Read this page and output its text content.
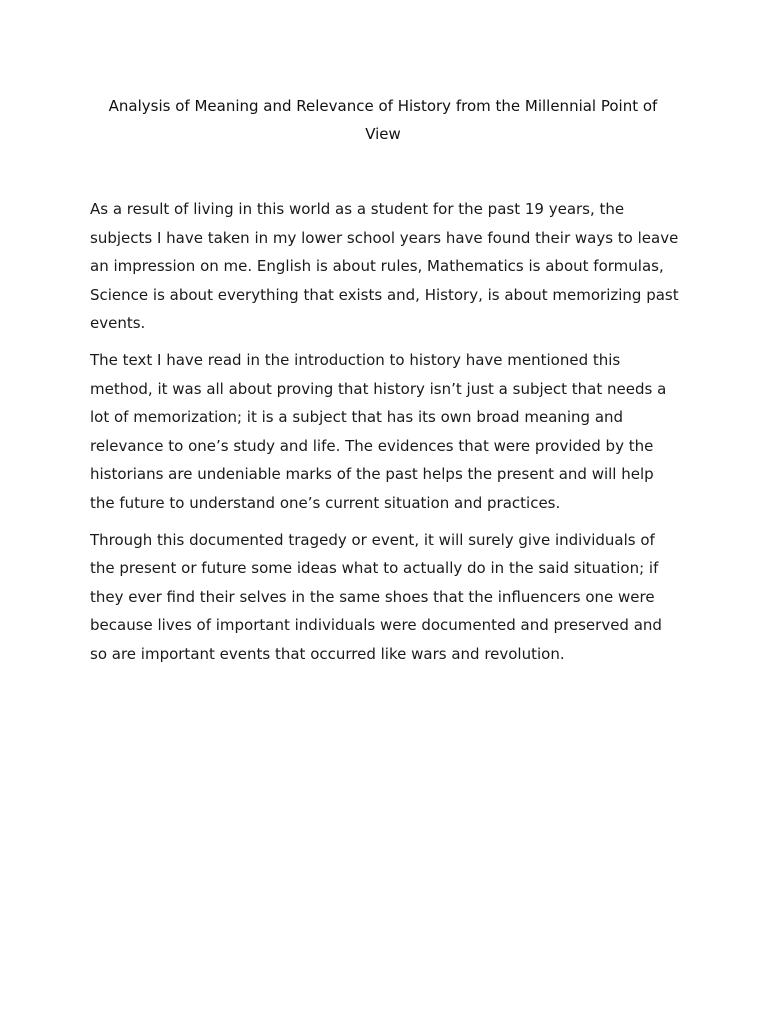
Analysis of Meaning and Relevance of History from the Millennial Point of View

As a result of living in this world as a student for the past 19 years, the subjects I have taken in my lower school years have found their ways to leave an impression on me. English is about rules, Mathematics is about formulas, Science is about everything that exists and, History, is about memorizing past events.

The text I have read in the introduction to history have mentioned this method, it was all about proving that history isn’t just a subject that needs a lot of memorization; it is a subject that has its own broad meaning and relevance to one’s study and life. The evidences that were provided by the historians are undeniable marks of the past helps the present and will help the future to understand one’s current situation and practices.

Through this documented tragedy or event, it will surely give individuals of the present or future some ideas what to actually do in the said situation; if they ever find their selves in the same shoes that the influencers one were because lives of important individuals were documented and preserved and so are important events that occurred like wars and revolution.
